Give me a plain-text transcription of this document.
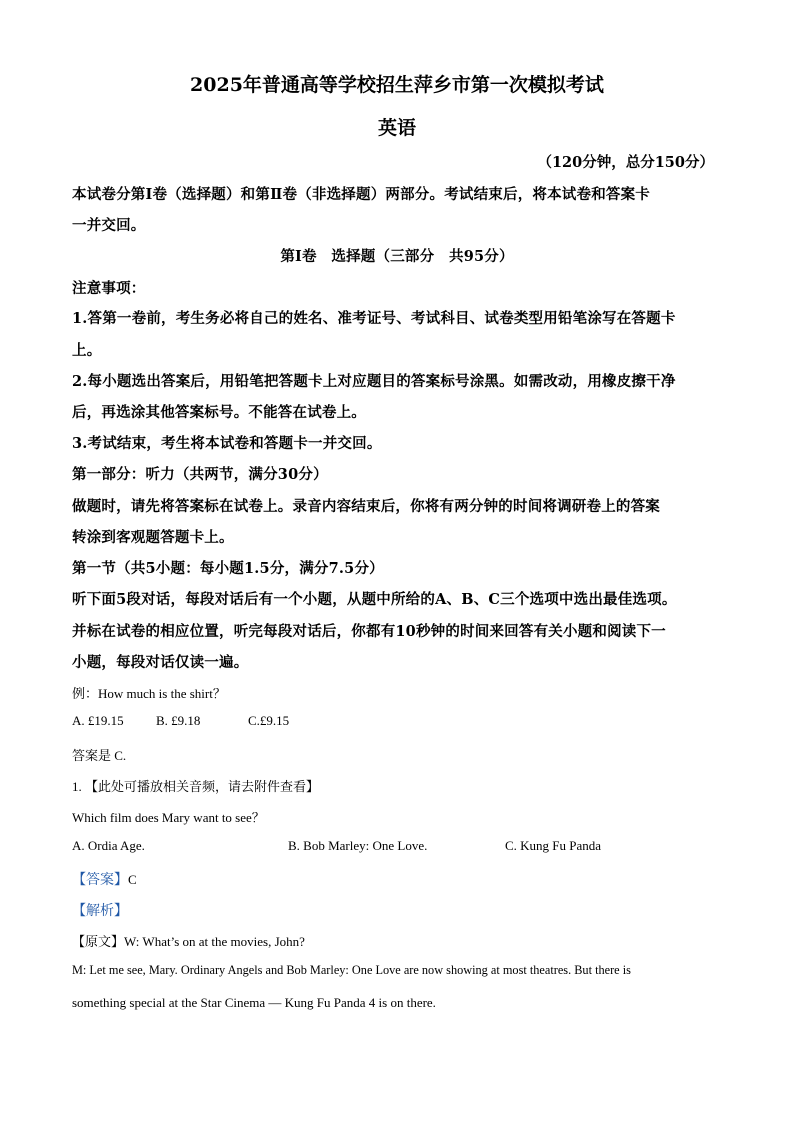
2025年普通高等学校招生萍乡市第一次模拟考试
英语
（120分钟，总分150分）
本试卷分第Ⅰ卷（选择题）和第Ⅱ卷（非选择题）两部分。考试结束后，将本试卷和答案卡
一并交回。
第Ⅰ卷　选择题（三部分　共95分）
注意事项：
1.答第一卷前，考生务必将自己的姓名、准考证号、考试科目、试卷类型用铅笔涂写在答题卡
上。
2.每小题选出答案后，用铅笔把答题卡上对应题目的答案标号涂黑。如需改动，用橡皮擦干净
后，再选涂其他答案标号。不能答在试卷上。
3.考试结束，考生将本试卷和答题卡一并交回。
第一部分：听力（共两节，满分30分）
做题时，请先将答案标在试卷上。录音内容结束后，你将有两分钟的时间将调研卷上的答案
转涂到客观题答题卡上。
第一节（共5小题：每小题1.5分，满分7.5分）
听下面5段对话，每段对话后有一个小题，从题中所给的A、B、C三个选项中选出最佳选项。
并标在试卷的相应位置，听完每段对话后，你都有10秒钟的时间来回答有关小题和阅读下一
小题，每段对话仅读一遍。
例：How much is the shirt？
A. £19.15 B. £9.18	C.£9.15
答案是 C.
1. 【此处可播放相关音频，请去附件查看】
Which film does Mary want to see？
A. Ordia Age.	B. Bob Marley: One Love.	C. Kung Fu Panda
【答案】C
【解析】
【原文】W: What’s on at the movies, John?
M: Let me see, Mary. Ordinary Angels and Bob Marley: One Love are now showing at most theatres. But there is
something special at the Star Cinema — Kung Fu Panda 4 is on there.
